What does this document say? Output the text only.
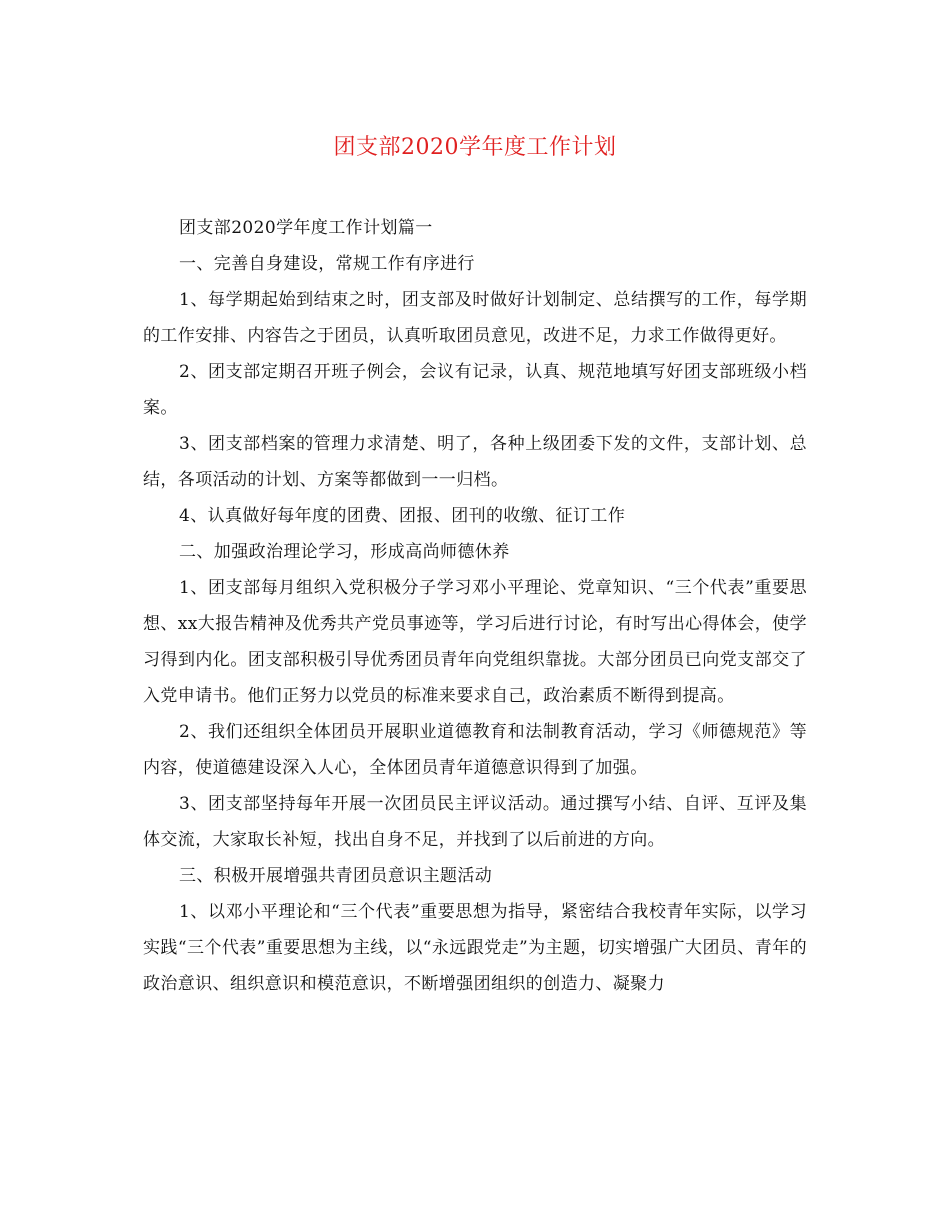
团支部2020学年度工作计划

团支部2020学年度工作计划篇一

一、完善自身建设，常规工作有序进行

1、每学期起始到结束之时，团支部及时做好计划制定、总结撰写的工作，每学期的工作安排、内容告之于团员，认真听取团员意见，改进不足，力求工作做得更好。

2、团支部定期召开班子例会，会议有记录，认真、规范地填写好团支部班级小档案。

3、团支部档案的管理力求清楚、明了，各种上级团委下发的文件，支部计划、总结，各项活动的计划、方案等都做到一一归档。

4、认真做好每年度的团费、团报、团刊的收缴、征订工作

二、加强政治理论学习，形成高尚师德休养

1、团支部每月组织入党积极分子学习邓小平理论、党章知识、“三个代表”重要思想、xx大报告精神及优秀共产党员事迹等，学习后进行讨论，有时写出心得体会，使学习得到内化。团支部积极引导优秀团员青年向党组织靠拢。大部分团员已向党支部交了入党申请书。他们正努力以党员的标准来要求自己，政治素质不断得到提高。

2、我们还组织全体团员开展职业道德教育和法制教育活动，学习《师德规范》等内容，使道德建设深入人心，全体团员青年道德意识得到了加强。

3、团支部坚持每年开展一次团员民主评议活动。通过撰写小结、自评、互评及集体交流，大家取长补短，找出自身不足，并找到了以后前进的方向。

三、积极开展增强共青团员意识主题活动

1、以邓小平理论和“三个代表”重要思想为指导，紧密结合我校青年实际，以学习实践“三个代表”重要思想为主线，以“永远跟党走”为主题，切实增强广大团员、青年的政治意识、组织意识和模范意识，不断增强团组织的创造力、凝聚力
